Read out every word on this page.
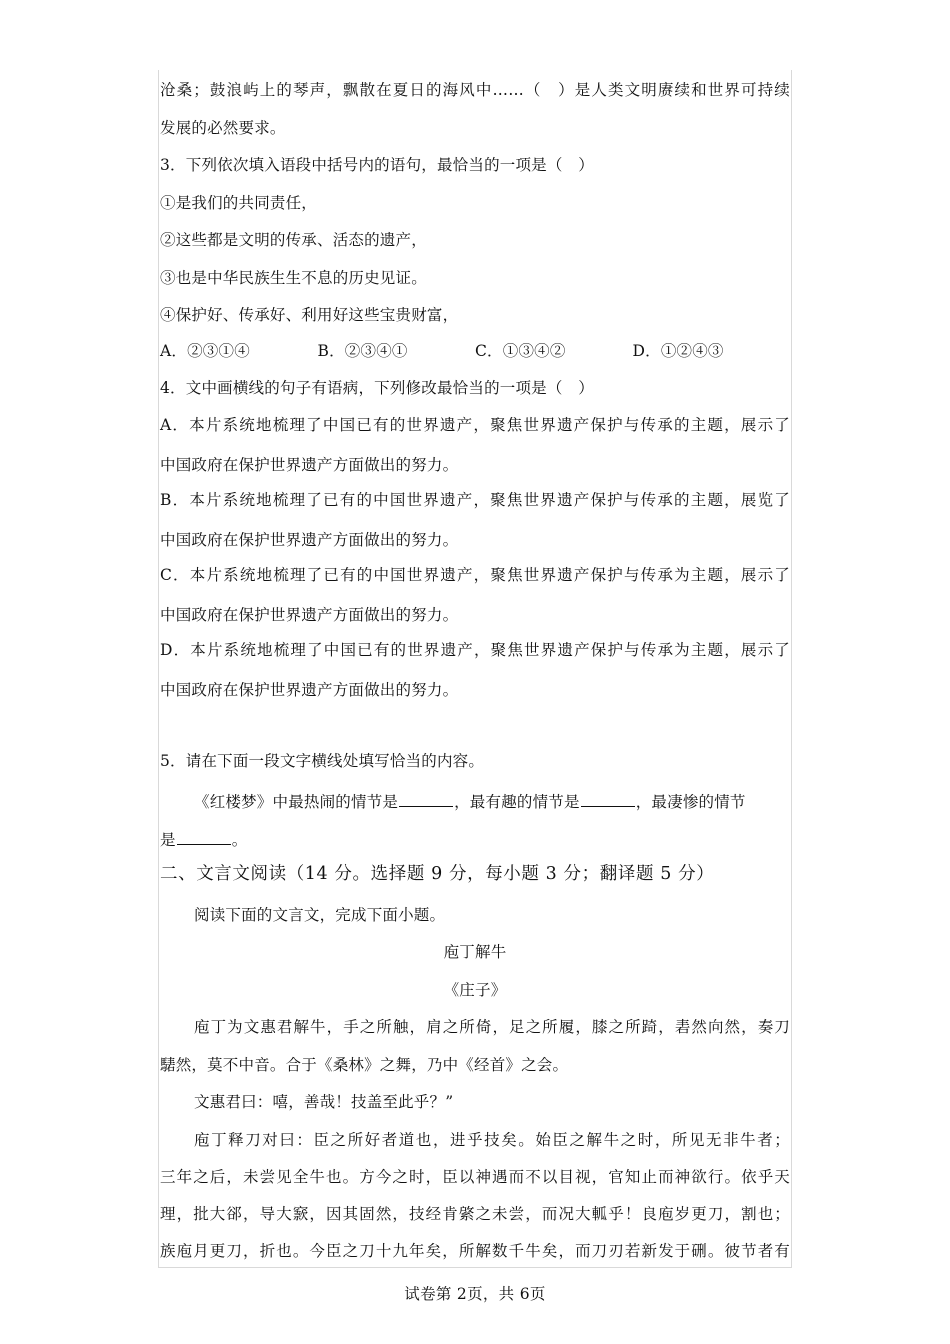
沧桑；鼓浪屿上的琴声，飘散在夏日的海风中……（　）是人类文明赓续和世界可持续
发展的必然要求。
3．下列依次填入语段中括号内的语句，最恰当的一项是（　）
①是我们的共同责任，
②这些都是文明的传承、活态的遗产，
③也是中华民族生生不息的历史见证。
④保护好、传承好、利用好这些宝贵财富，
A．②③①④	B．②③④①	C．①③④②	D．①②④③
4．文中画横线的句子有语病，下列修改最恰当的一项是（　）
A．本片系统地梳理了中国已有的世界遗产，聚焦世界遗产保护与传承的主题，展示了
中国政府在保护世界遗产方面做出的努力。
B．本片系统地梳理了已有的中国世界遗产，聚焦世界遗产保护与传承的主题，展览了
中国政府在保护世界遗产方面做出的努力。
C．本片系统地梳理了已有的中国世界遗产，聚焦世界遗产保护与传承为主题，展示了
中国政府在保护世界遗产方面做出的努力。
D．本片系统地梳理了中国已有的世界遗产，聚焦世界遗产保护与传承为主题，展示了
中国政府在保护世界遗产方面做出的努力。
5．请在下面一段文字横线处填写恰当的内容。
《红楼梦》中最热闹的情节是	，最有趣的情节是	，最凄惨的情节
是	。
二、文言文阅读（14 分。选择题 9 分，每小题 3 分；翻译题 5 分）
阅读下面的文言文，完成下面小题。
庖丁解牛
《庄子》
庖丁为文惠君解牛，手之所触，肩之所倚，足之所履，膝之所踦，砉然向然，奏刀
騞然，莫不中音。合于《桑林》之舞，乃中《经首》之会。
文惠君曰：嘻，善哉！技盖至此乎？”
庖丁释刀对曰：臣之所好者道也，进乎技矣。始臣之解牛之时，所见无非牛者；
三年之后，未尝见全牛也。方今之时，臣以神遇而不以目视，官知止而神欲行。依乎天
理，批大郤，导大窾，因其固然，技经肯綮之未尝，而况大軱乎！良庖岁更刀，割也；
族庖月更刀，折也。今臣之刀十九年矣，所解数千牛矣，而刀刃若新发于硎。彼节者有
试卷第 2页，共 6页
